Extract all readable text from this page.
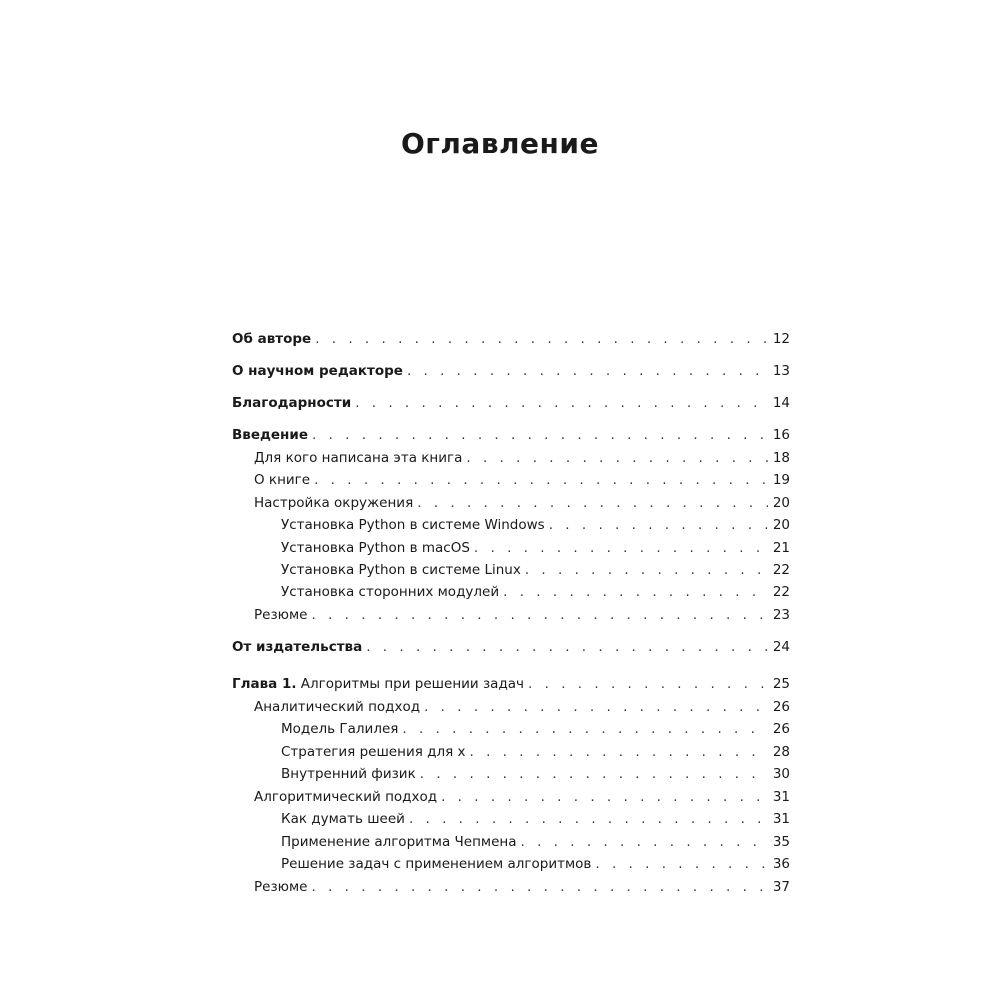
Оглавление
Об авторе . . .	12
О научном редакторе . . .	13
Благодарности . . .	14
Введение . . .	16
Для кого написана эта книга . . .	18
О книге . . .	19
Настройка окружения . . .	20
Установка Python в системе Windows . . .	20
Установка Python в macOS . . .	21
Установка Python в системе Linux . . .	22
Установка сторонних модулей . . .	22
Резюме . . .	23
От издательства . . .	24
Глава 1. Алгоритмы при решении задач . . .	25
Аналитический подход . . .	26
Модель Галилея . . .	26
Стратегия решения для x . . .	28
Внутренний физик . . .	30
Алгоритмический подход . . .	31
Как думать шеей . . .	31
Применение алгоритма Чепмена . . .	35
Решение задач с применением алгоритмов . . .	36
Резюме . . .	37
